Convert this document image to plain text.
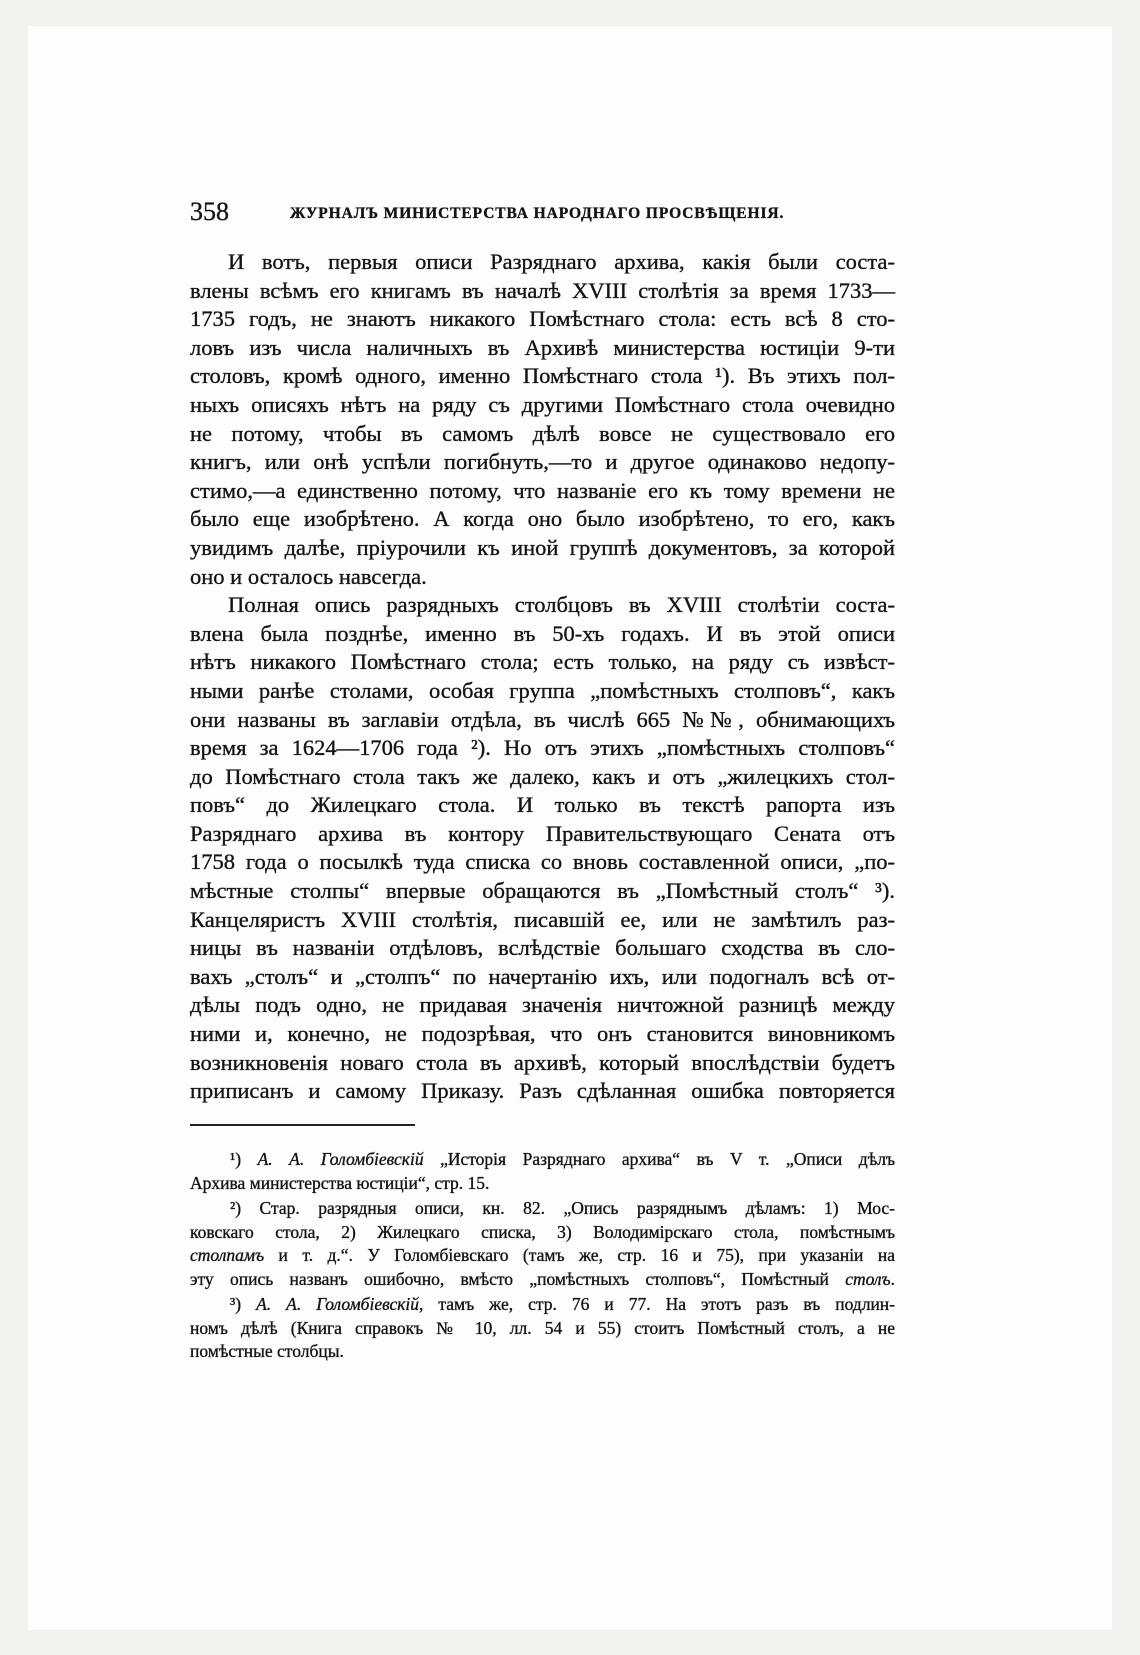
358	ЖУРНАЛЪ МИНИСТЕРСТВА НАРОДНАГО ПРОСВѢЩЕНІЯ.
И вотъ, первыя описи Разряднаго архива, какія были соста-
влены всѣмъ его книгамъ въ началѣ XVIII столѣтія за время 1733—
1735 годъ, не знаютъ никакого Помѣстнаго стола: есть всѣ 8 сто-
ловъ изъ числа наличныхъ въ Архивѣ министерства юстиціи 9-ти
столовъ, кромѣ одного, именно Помѣстнаго стола ¹). Въ этихъ пол-
ныхъ описяхъ нѣтъ на ряду съ другими Помѣстнаго стола очевидно
не потому, чтобы въ самомъ дѣлѣ вовсе не существовало его
книгъ, или онѣ успѣли погибнуть,—то и другое одинаково недопу-
стимо,—а единственно потому, что названіе его къ тому времени не
было еще изобрѣтено. А когда оно было изобрѣтено, то его, какъ
увидимъ далѣе, пріурочили къ иной группѣ документовъ, за которой
оно и осталось навсегда.
Полная опись разрядныхъ столбцовъ въ XVIII столѣтіи соста-
влена была позднѣе, именно въ 50-хъ годахъ. И въ этой описи
нѣтъ никакого Помѣстнаго стола; есть только, на ряду съ извѣст-
ными ранѣе столами, особая группа „помѣстныхъ столповъ“, какъ
они названы въ заглавіи отдѣла, въ числѣ 665 №№, обнимающихъ
время за 1624—1706 года ²). Но отъ этихъ „помѣстныхъ столповъ“
до Помѣстнаго стола такъ же далеко, какъ и отъ „жилецкихъ стол-
повъ“ до Жилецкаго стола. И только въ текстѣ рапорта изъ
Разряднаго архива въ контору Правительствующаго Сената отъ
1758 года о посылкѣ туда списка со вновь составленной описи, „по-
мѣстные столпы“ впервые обращаются въ „Помѣстный столъ“ ³).
Канцеляристъ XVIII столѣтія, писавшій ее, или не замѣтилъ раз-
ницы въ названіи отдѣловъ, вслѣдствіе большаго сходства въ сло-
вахъ „столъ“ и „столпъ“ по начертанію ихъ, или подогналъ всѣ от-
дѣлы подъ одно, не придавая значенія ничтожной разницѣ между
ними и, конечно, не подозрѣвая, что онъ становится виновникомъ
возникновенія новаго стола въ архивѣ, который впослѣдствіи будетъ
приписанъ и самому Приказу. Разъ сдѣланная ошибка повторяется
¹) А. А. Голомбіевскій „Исторія Разряднаго архива“ въ V т. „Описи дѣлъ
Архива министерства юстиціи“, стр. 15.
²) Стар. разрядныя описи, кн. 82. „Опись разряднымъ дѣламъ: 1) Мос-
ковскаго стола, 2) Жилецкаго списка, 3) Володимірскаго стола, помѣстнымъ
столпамъ и т. д.“. У Голомбіевскаго (тамъ же, стр. 16 и 75), при указаніи на
эту опись названъ ошибочно, вмѣсто „помѣстныхъ столповъ“, Помѣстный столъ.
³) А. А. Голомбіевскій, тамъ же, стр. 76 и 77. На этотъ разъ въ подлин-
номъ дѣлѣ (Книга справокъ № 10, лл. 54 и 55) стоитъ Помѣстный столъ, а не
помѣстные столбцы.
